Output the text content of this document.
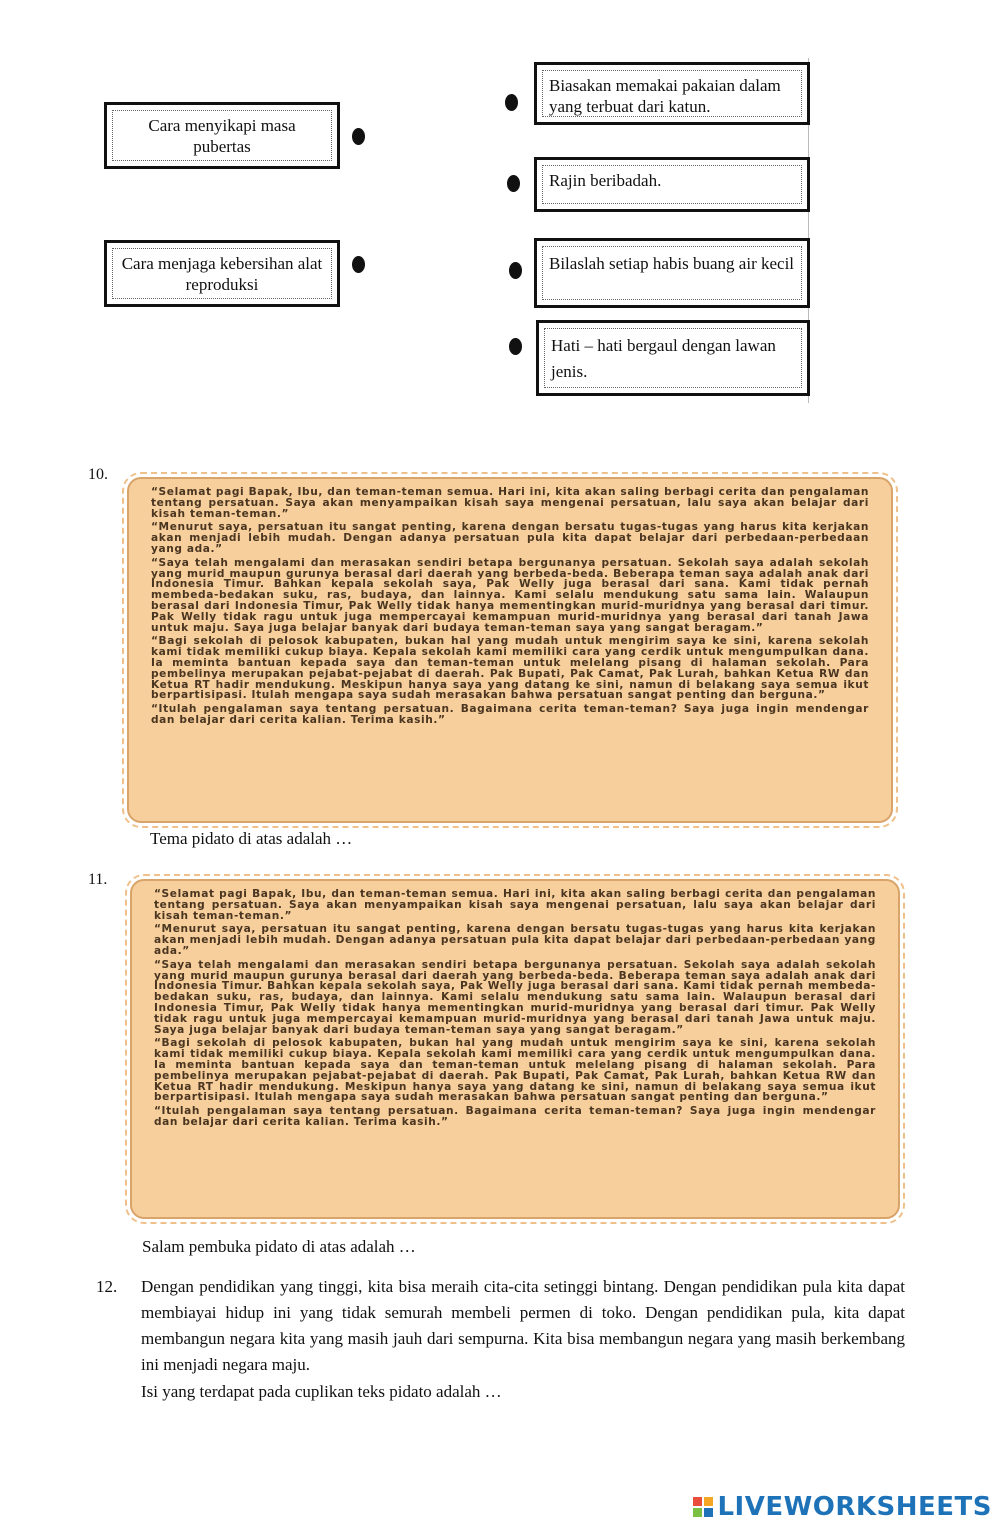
Cara menyikapi masa pubertas
Cara menjaga kebersihan alat reproduksi
Biasakan memakai pakaian dalam yang terbuat dari katun.
Rajin beribadah.
Bilaslah setiap habis buang air kecil
Hati – hati bergaul dengan lawan jenis.
10.

“Selamat pagi Bapak, Ibu, dan teman-teman semua. Hari ini, kita akan saling berbagi cerita dan pengalaman tentang persatuan. Saya akan menyampaikan kisah saya mengenai persatuan, lalu saya akan belajar dari kisah teman-teman.”

“Menurut saya, persatuan itu sangat penting, karena dengan bersatu tugas-tugas yang harus kita kerjakan akan menjadi lebih mudah. Dengan adanya persatuan pula kita dapat belajar dari perbedaan-perbedaan yang ada.”

“Saya telah mengalami dan merasakan sendiri betapa bergunanya persatuan. Sekolah saya adalah sekolah yang murid maupun gurunya berasal dari daerah yang berbeda-beda. Beberapa teman saya adalah anak dari Indonesia Timur. Bahkan kepala sekolah saya, Pak Welly juga berasal dari sana. Kami tidak pernah membeda-bedakan suku, ras, budaya, dan lainnya. Kami selalu mendukung satu sama lain. Walaupun berasal dari Indonesia Timur, Pak Welly tidak hanya mementingkan murid-muridnya yang berasal dari timur. Pak Welly tidak ragu untuk juga mempercayai kemampuan murid-muridnya yang berasal dari tanah Jawa untuk maju. Saya juga belajar banyak dari budaya teman-teman saya yang sangat beragam.”

“Bagi sekolah di pelosok kabupaten, bukan hal yang mudah untuk mengirim saya ke sini, karena sekolah kami tidak memiliki cukup biaya. Kepala sekolah kami memiliki cara yang cerdik untuk mengumpulkan dana. Ia meminta bantuan kepada saya dan teman-teman untuk melelang pisang di halaman sekolah. Para pembelinya merupakan pejabat-pejabat di daerah. Pak Bupati, Pak Camat, Pak Lurah, bahkan Ketua RW dan Ketua RT hadir mendukung. Meskipun hanya saya yang datang ke sini, namun di belakang saya semua ikut berpartisipasi. Itulah mengapa saya sudah merasakan bahwa persatuan sangat penting dan berguna.”

“Itulah pengalaman saya tentang persatuan. Bagaimana cerita teman-teman? Saya juga ingin mendengar dan belajar dari cerita kalian. Terima kasih.”

Tema pidato di atas adalah …
11.

“Selamat pagi Bapak, Ibu, dan teman-teman semua. Hari ini, kita akan saling berbagi cerita dan pengalaman tentang persatuan. Saya akan menyampaikan kisah saya mengenai persatuan, lalu saya akan belajar dari kisah teman-teman.”

“Menurut saya, persatuan itu sangat penting, karena dengan bersatu tugas-tugas yang harus kita kerjakan akan menjadi lebih mudah. Dengan adanya persatuan pula kita dapat belajar dari perbedaan-perbedaan yang ada.”

“Saya telah mengalami dan merasakan sendiri betapa bergunanya persatuan. Sekolah saya adalah sekolah yang murid maupun gurunya berasal dari daerah yang berbeda-beda. Beberapa teman saya adalah anak dari Indonesia Timur. Bahkan kepala sekolah saya, Pak Welly juga berasal dari sana. Kami tidak pernah membeda-bedakan suku, ras, budaya, dan lainnya. Kami selalu mendukung satu sama lain. Walaupun berasal dari Indonesia Timur, Pak Welly tidak hanya mementingkan murid-muridnya yang berasal dari timur. Pak Welly tidak ragu untuk juga mempercayai kemampuan murid-muridnya yang berasal dari tanah Jawa untuk maju. Saya juga belajar banyak dari budaya teman-teman saya yang sangat beragam.”

“Bagi sekolah di pelosok kabupaten, bukan hal yang mudah untuk mengirim saya ke sini, karena sekolah kami tidak memiliki cukup biaya. Kepala sekolah kami memiliki cara yang cerdik untuk mengumpulkan dana. Ia meminta bantuan kepada saya dan teman-teman untuk melelang pisang di halaman sekolah. Para pembelinya merupakan pejabat-pejabat di daerah. Pak Bupati, Pak Camat, Pak Lurah, bahkan Ketua RW dan Ketua RT hadir mendukung. Meskipun hanya saya yang datang ke sini, namun di belakang saya semua ikut berpartisipasi. Itulah mengapa saya sudah merasakan bahwa persatuan sangat penting dan berguna.”

“Itulah pengalaman saya tentang persatuan. Bagaimana cerita teman-teman? Saya juga ingin mendengar dan belajar dari cerita kalian. Terima kasih.”

Salam pembuka pidato di atas adalah …
12. Dengan pendidikan yang tinggi, kita bisa meraih cita-cita setinggi bintang. Dengan pendidikan pula kita dapat membiayai hidup ini yang tidak semurah membeli permen di toko. Dengan pendidikan pula, kita dapat membangun negara kita yang masih jauh dari sempurna. Kita bisa membangun negara yang masih berkembang ini menjadi negara maju.
Isi yang terdapat pada cuplikan teks pidato adalah …
LIVEWORKSHEETS
